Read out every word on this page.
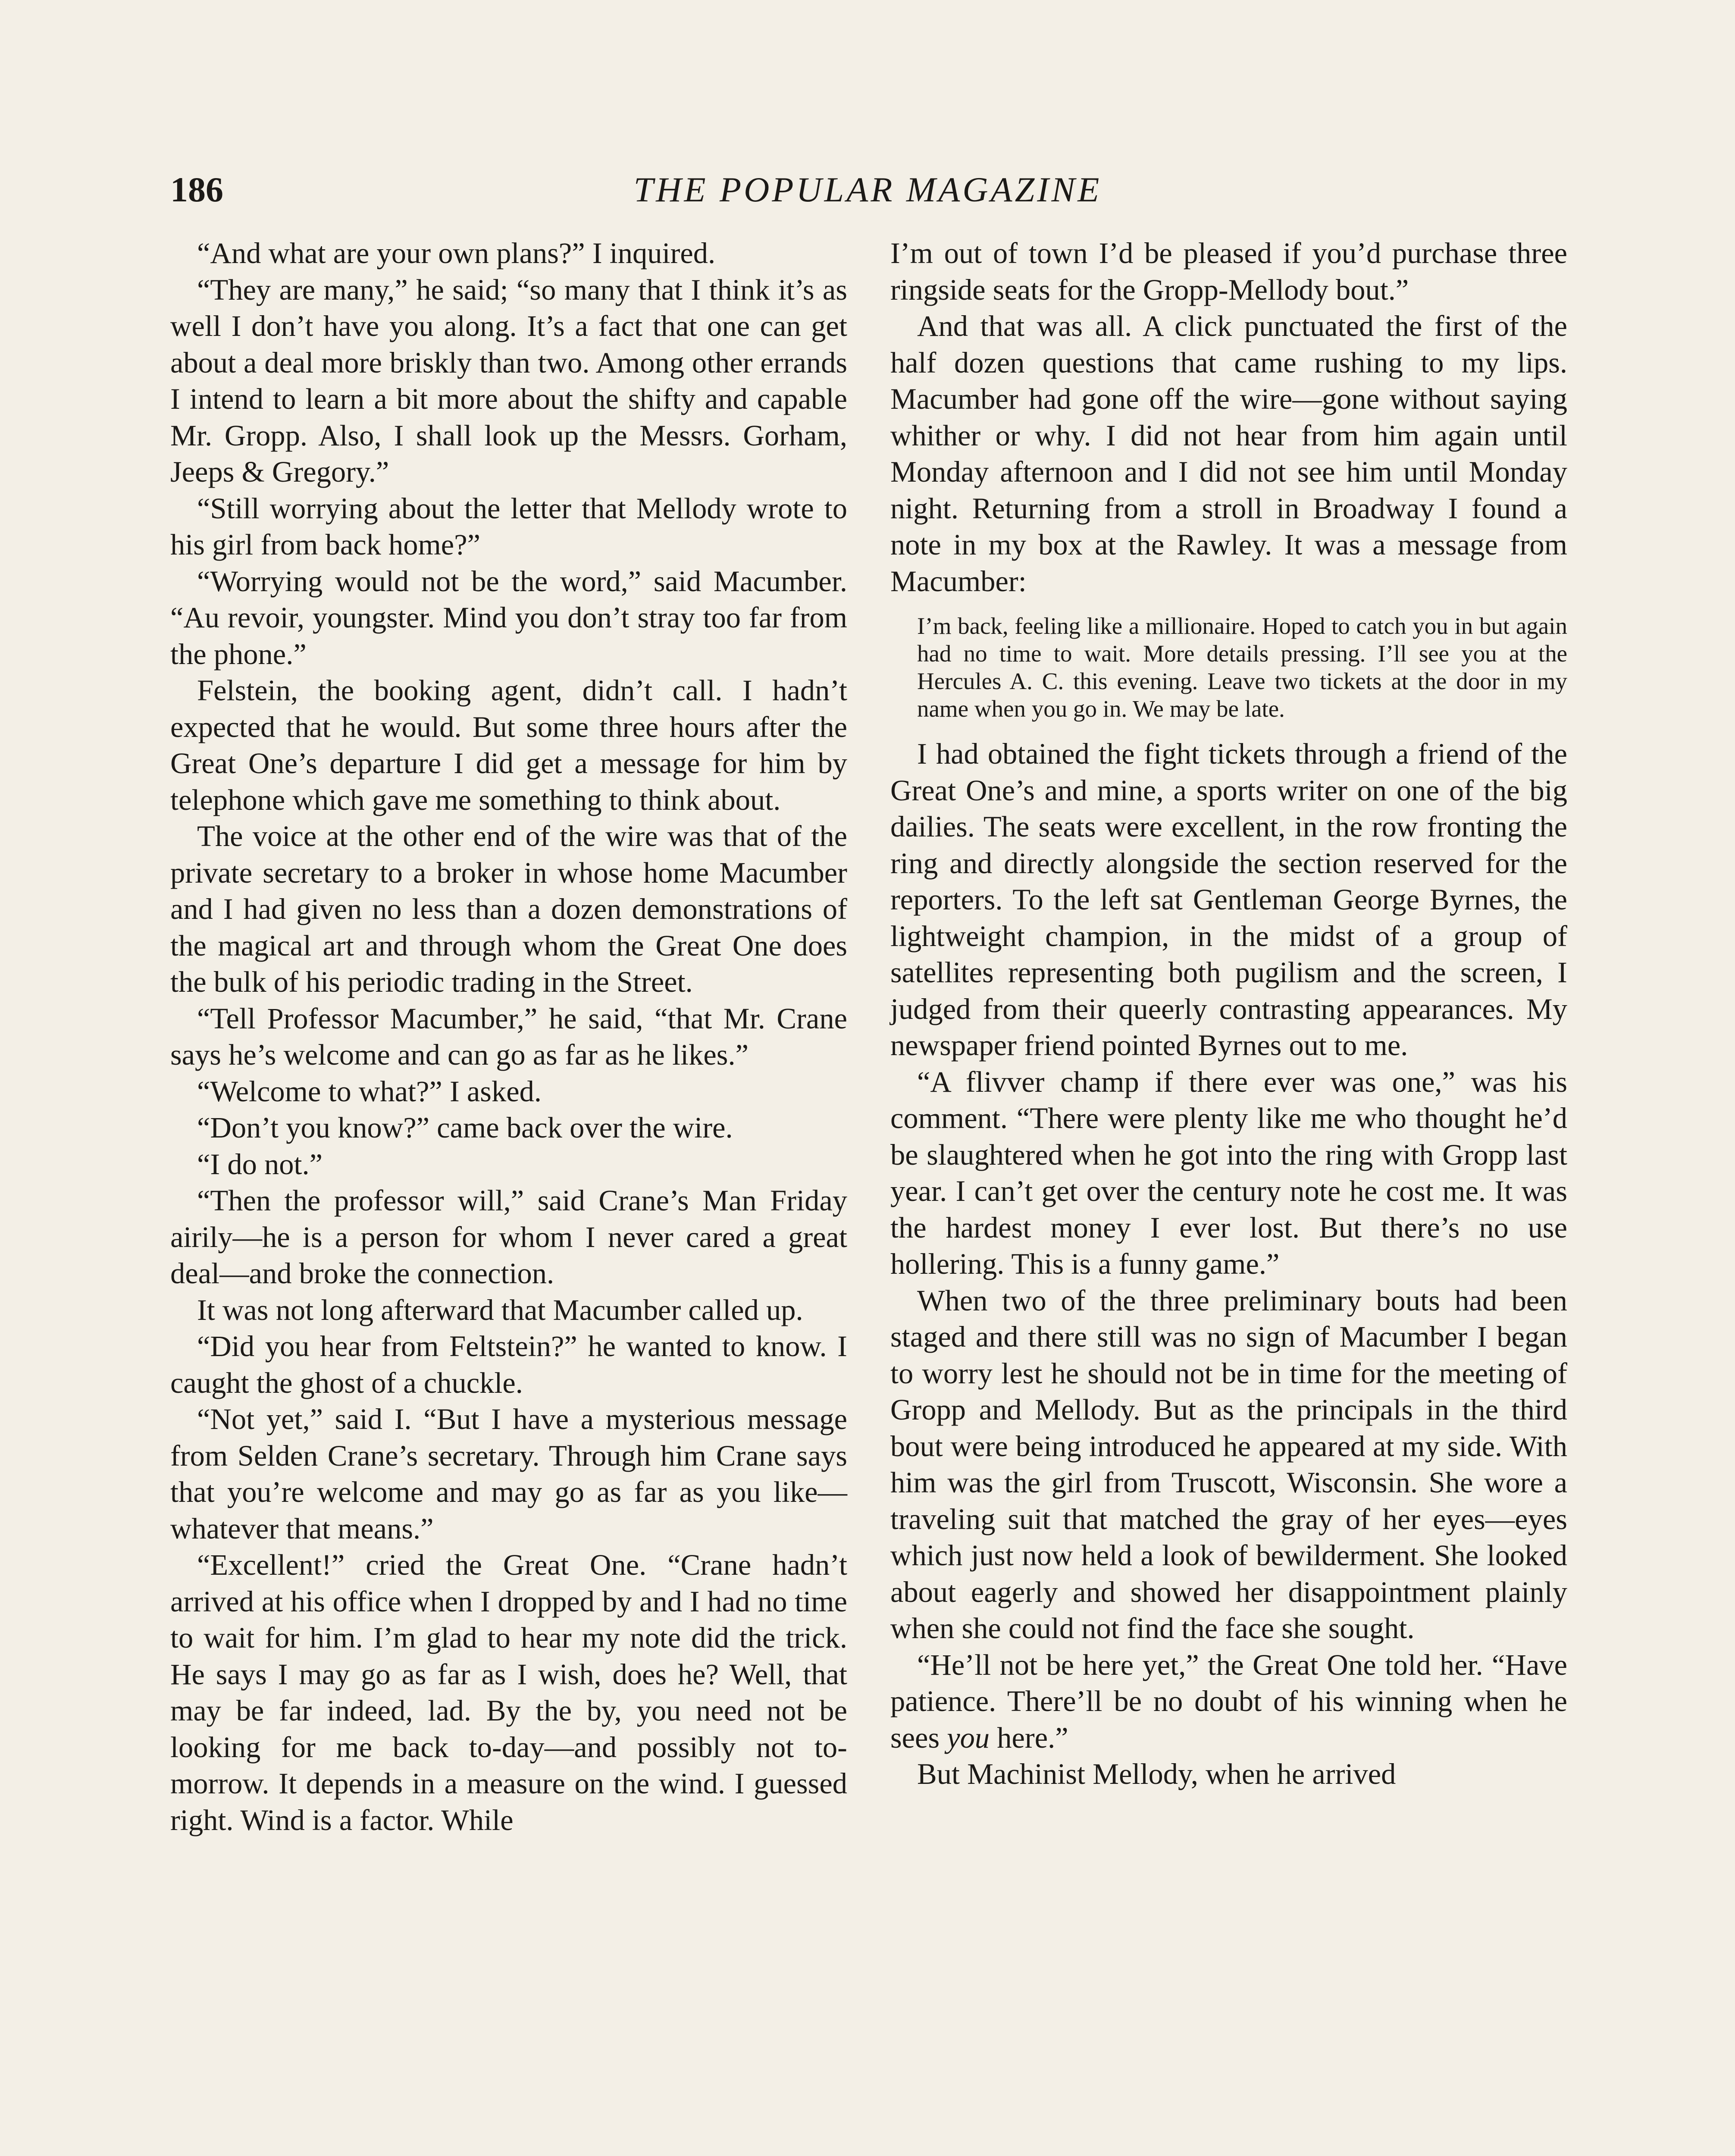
186	THE POPULAR MAGAZINE

“And what are your own plans?” I inquired.

“They are many,” he said; “so many that I think it’s as well I don’t have you along. It’s a fact that one can get about a deal more briskly than two. Among other errands I intend to learn a bit more about the shifty and capable Mr. Gropp. Also, I shall look up the Messrs. Gorham, Jeeps & Gregory.”

“Still worrying about the letter that Mellody wrote to his girl from back home?”

“Worrying would not be the word,” said Macumber. “Au revoir, youngster. Mind you don’t stray too far from the phone.”

Felstein, the booking agent, didn’t call. I hadn’t expected that he would. But some three hours after the Great One’s departure I did get a message for him by telephone which gave me something to think about.

The voice at the other end of the wire was that of the private secretary to a broker in whose home Macumber and I had given no less than a dozen demonstrations of the magical art and through whom the Great One does the bulk of his periodic trading in the Street.

“Tell Professor Macumber,” he said, “that Mr. Crane says he’s welcome and can go as far as he likes.”

“Welcome to what?” I asked.

“Don’t you know?” came back over the wire.

“I do not.”

“Then the professor will,” said Crane’s Man Friday airily—he is a person for whom I never cared a great deal—and broke the connection.

It was not long afterward that Macumber called up.

“Did you hear from Feltstein?” he wanted to know. I caught the ghost of a chuckle.

“Not yet,” said I. “But I have a mysterious message from Selden Crane’s secretary. Through him Crane says that you’re welcome and may go as far as you like—whatever that means.”

“Excellent!” cried the Great One. “Crane hadn’t arrived at his office when I dropped by and I had no time to wait for him. I’m glad to hear my note did the trick. He says I may go as far as I wish, does he? Well, that may be far indeed, lad. By the by, you need not be looking for me back to-day—and possibly not to-morrow. It depends in a measure on the wind. I guessed right. Wind is a factor. While

I’m out of town I’d be pleased if you’d purchase three ringside seats for the Gropp-Mellody bout.”

And that was all. A click punctuated the first of the half dozen questions that came rushing to my lips. Macumber had gone off the wire—gone without saying whither or why. I did not hear from him again until Monday afternoon and I did not see him until Monday night. Returning from a stroll in Broadway I found a note in my box at the Rawley. It was a message from Macumber:

I’m back, feeling like a millionaire. Hoped to catch you in but again had no time to wait. More details pressing. I’ll see you at the Hercules A. C. this evening. Leave two tickets at the door in my name when you go in. We may be late.

I had obtained the fight tickets through a friend of the Great One’s and mine, a sports writer on one of the big dailies. The seats were excellent, in the row fronting the ring and directly alongside the section reserved for the reporters. To the left sat Gentleman George Byrnes, the lightweight champion, in the midst of a group of satellites representing both pugilism and the screen, I judged from their queerly contrasting appearances. My newspaper friend pointed Byrnes out to me.

“A flivver champ if there ever was one,” was his comment. “There were plenty like me who thought he’d be slaughtered when he got into the ring with Gropp last year. I can’t get over the century note he cost me. It was the hardest money I ever lost. But there’s no use hollering. This is a funny game.”

When two of the three preliminary bouts had been staged and there still was no sign of Macumber I began to worry lest he should not be in time for the meeting of Gropp and Mellody. But as the principals in the third bout were being introduced he appeared at my side. With him was the girl from Truscott, Wisconsin. She wore a traveling suit that matched the gray of her eyes—eyes which just now held a look of bewilderment. She looked about eagerly and showed her disappointment plainly when she could not find the face she sought.

“He’ll not be here yet,” the Great One told her. “Have patience. There’ll be no doubt of his winning when he sees you here.”

But Machinist Mellody, when he arrived
